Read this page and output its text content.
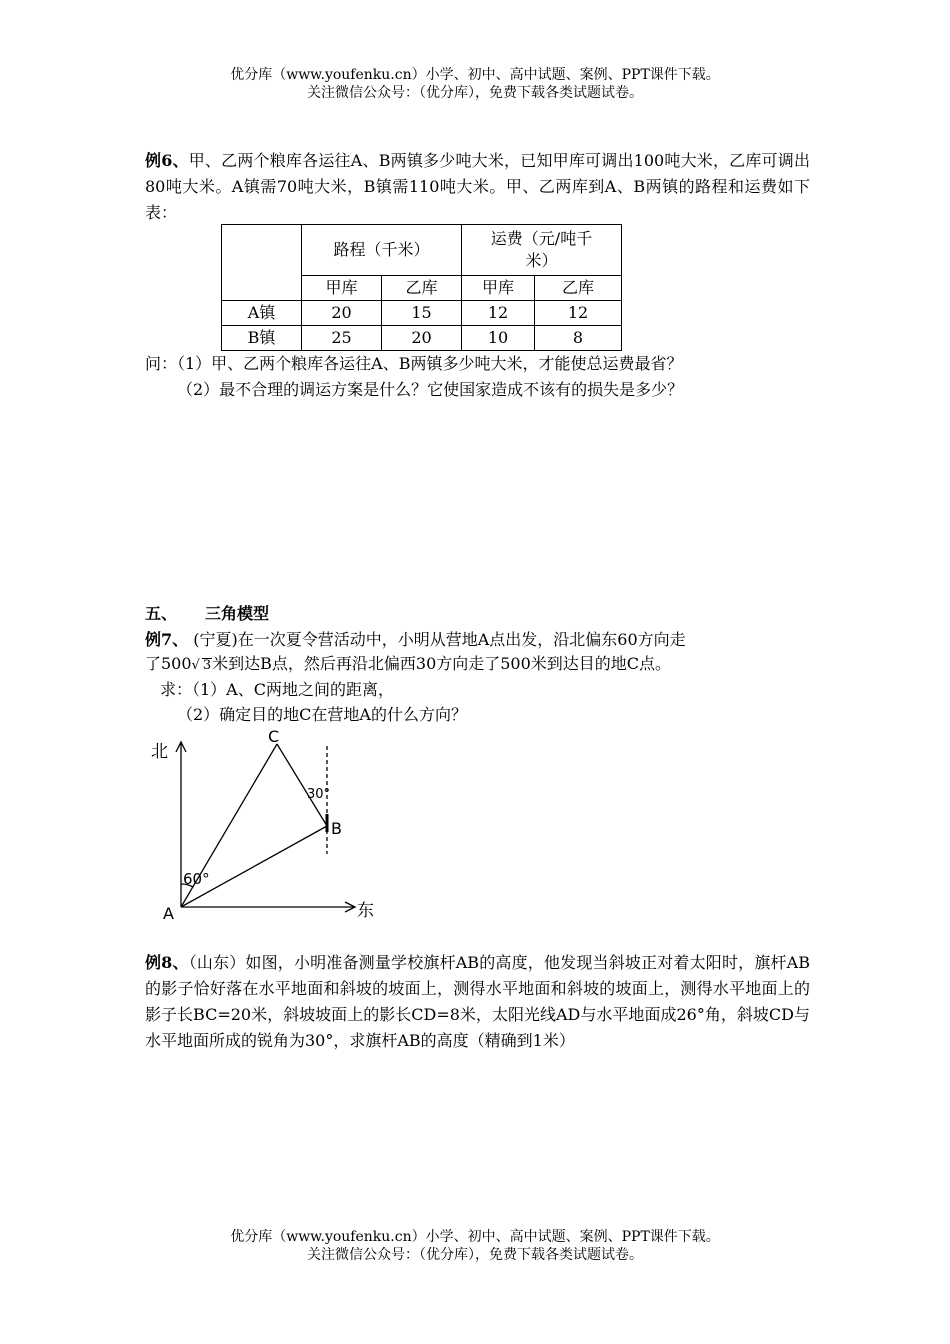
优分库（www.youfenku.cn）小学、初中、高中试题、案例、PPT课件下载。
关注微信公众号：（优分库），免费下载各类试题试卷。
例6、甲、乙两个粮库各运往A、B两镇多少吨大米，已知甲库可调出100吨大米，乙库可调出80吨大米。A镇需70吨大米，B镇需110吨大米。甲、乙两库到A、B两镇的路程和运费如下表：
	路程（千米）		运费（元/吨千
米）	

	甲库	乙库	甲库	乙库
A镇	20	15	12	12
B镇	25	20	10	8
问：（1）甲、乙两个粮库各运往A、B两镇多少吨大米，才能使总运费最省？
（2）最不合理的调运方案是什么？它使国家造成不该有的损失是多少？
五、 三角模型
例7、 (宁夏)在一次夏令营活动中，小明从营地A点出发，沿北偏东60方向走
了500√ 3米到达B点，然后再沿北偏西30方向走了500米到达目的地C点。
求：（1）A、C两地之间的距离，
（2）确定目的地C在营地A的什么方向？
北
东
A
B
C
60°
30°
例8、（山东）如图，小明准备测量学校旗杆AB的高度，他发现当斜坡正对着太阳时，旗杆AB的影子恰好落在水平地面和斜坡的坡面上，测得水平地面和斜坡的坡面上，测得水平地面上的影子长BC=20米，斜坡坡面上的影长CD=8米，太阳光线AD与水平地面成26°角，斜坡CD与水平地面所成的锐角为30°，求旗杆AB的高度（精确到1米）
优分库（www.youfenku.cn）小学、初中、高中试题、案例、PPT课件下载。
关注微信公众号：（优分库），免费下载各类试题试卷。
